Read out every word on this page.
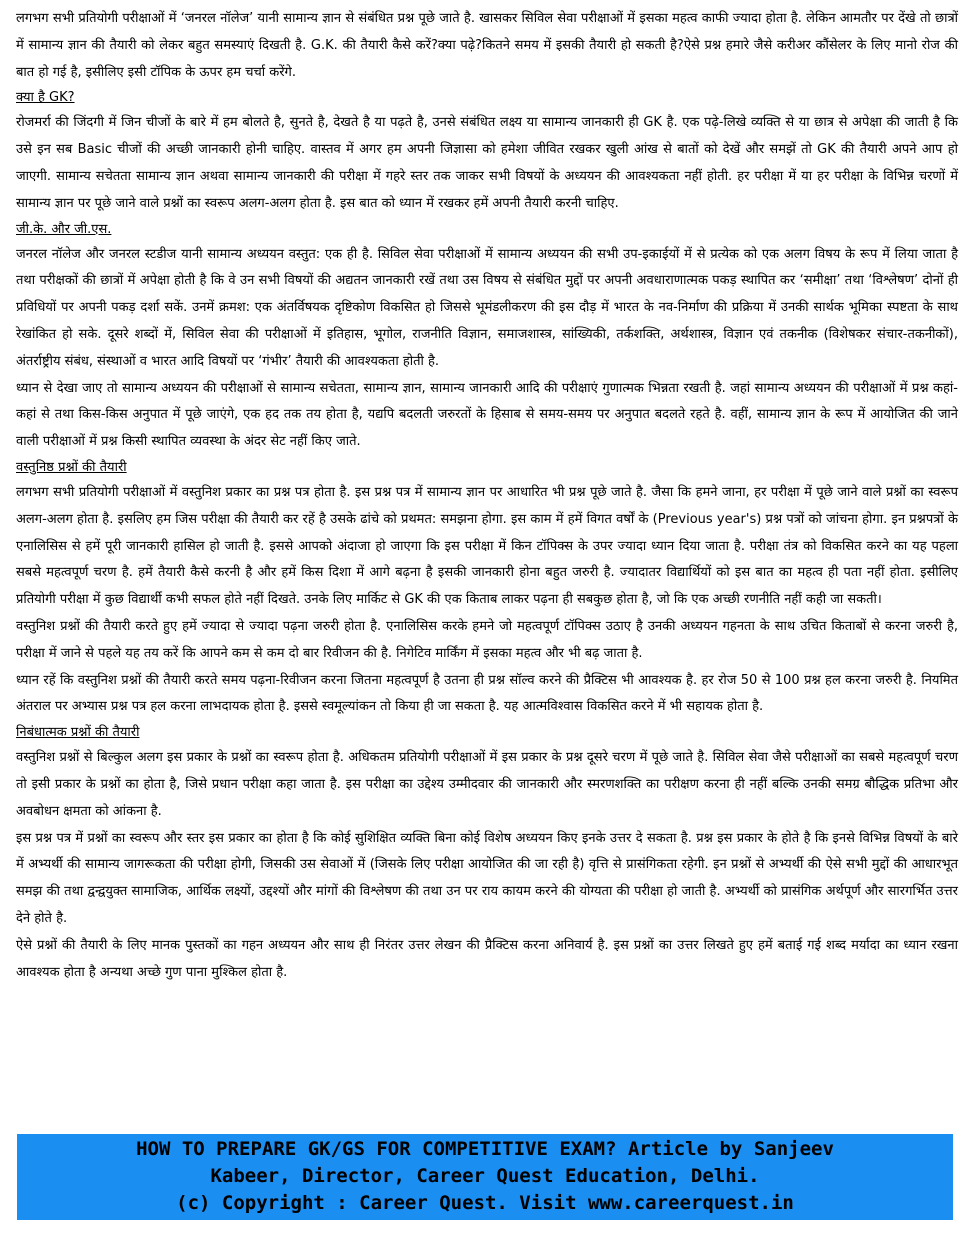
लगभग सभी प्रतियोगी परीक्षाओं में ‘जनरल नॉलेज’ यानी सामान्य ज्ञान से संबंधित प्रश्न पूछे जाते है. खासकर सिविल सेवा परीक्षाओं में इसका महत्व काफी ज्यादा होता है. लेकिन आमतौर पर देंखे तो छात्रों में सामान्य ज्ञान की तैयारी को लेकर बहुत समस्याएं दिखती है. G.K. की तैयारी कैसे करें?क्या पढ़े?कितने समय में इसकी तैयारी हो सकती है?ऐसे प्रश्न हमारे जैसे करीअर कौंसेलर के लिए मानो रोज की बात हो गई है, इसीलिए इसी टॉपिक के ऊपर हम चर्चा करेंगे.

क्या है GK?

रोजमर्रा की जिंदगी में जिन चीजों के बारे में हम बोलते है, सुनते है, देखते है या पढ़ते है, उनसे संबंधित लक्ष्य या सामान्य जानकारी ही GK है. एक पढ़े-लिखे व्यक्ति से या छात्र से अपेक्षा की जाती है कि उसे इन सब Basic चीजों की अच्छी जानकारी होनी चाहिए. वास्तव में अगर हम अपनी जिज्ञासा को हमेशा जीवित रखकर खुली आंख से बातों को देखें और समझें तो GK की तैयारी अपने आप हो जाएगी. सामान्य सचेतता सामान्य ज्ञान अथवा सामान्य जानकारी की परीक्षा में गहरे स्तर तक जाकर सभी विषयों के अध्ययन की आवश्यकता नहीं होती. हर परीक्षा में या हर परीक्षा के विभिन्न चरणों में सामान्य ज्ञान पर पूछे जाने वाले प्रश्नों का स्वरूप अलग-अलग होता है. इस बात को ध्यान में रखकर हमें अपनी तैयारी करनी चाहिए.

जी.के. और जी.एस.

जनरल नॉलेज और जनरल स्टडीज यानी सामान्य अध्ययन वस्तुत: एक ही है. सिविल सेवा परीक्षाओं में सामान्य अध्ययन की सभी उप-इकाईयों में से प्रत्येक को एक अलग विषय के रूप में लिया जाता है तथा परीक्षकों की छात्रों में अपेक्षा होती है कि वे उन सभी विषयों की अद्यतन जानकारी रखें तथा उस विषय से संबंधित मुद्दों पर अपनी अवधाराणात्मक पकड़ स्थापित कर ‘समीक्षा’ तथा ‘विश्लेषण’ दोनों ही प्रविधियों पर अपनी पकड़ दर्शा सकें. उनमें क्रमश: एक अंतर्विषयक दृष्टिकोण विकसित हो जिससे भूमंडलीकरण की इस दौड़ में भारत के नव-निर्माण की प्रक्रिया में उनकी सार्थक भूमिका स्पष्टता के साथ रेखांकित हो सके. दूसरे शब्दों में, सिविल सेवा की परीक्षाओं में इतिहास, भूगोल, राजनीति विज्ञान, समाजशास्त्र, सांख्यिकी, तर्कशक्ति, अर्थशास्त्र, विज्ञान एवं तकनीक (विशेषकर संचार-तकनीकों), अंतर्राष्ट्रीय संबंध, संस्थाओं व भारत आदि विषयों पर ‘गंभीर’ तैयारी की आवश्यकता होती है.

ध्यान से देखा जाए तो सामान्य अध्ययन की परीक्षाओं से सामान्य सचेतता, सामान्य ज्ञान, सामान्य जानकारी आदि की परीक्षाएं गुणात्मक भिन्नता रखती है. जहां सामान्य अध्ययन की परीक्षाओं में प्रश्न कहां-कहां से तथा किस-किस अनुपात में पूछे जाएंगे, एक हद तक तय होता है, यद्यपि बदलती जरुरतों के हिसाब से समय-समय पर अनुपात बदलते रहते है. वहीं, सामान्य ज्ञान के रूप में आयोजित की जाने वाली परीक्षाओं में प्रश्न किसी स्थापित व्यवस्था के अंदर सेट नहीं किए जाते.

वस्तुनिष्ठ प्रश्नों की तैयारी

लगभग सभी प्रतियोगी परीक्षाओं में वस्तुनिश प्रकार का प्रश्न पत्र होता है. इस प्रश्न पत्र में सामान्य ज्ञान पर आधारित भी प्रश्न पूछे जाते है. जैसा कि हमने जाना, हर परीक्षा में पूछे जाने वाले प्रश्नों का स्वरूप अलग-अलग होता है. इसलिए हम जिस परीक्षा की तैयारी कर रहें है उसके ढांचे को प्रथमत: समझना होगा. इस काम में हमें विगत वर्षों के (Previous year's) प्रश्न पत्रों को जांचना होगा. इन प्रश्नपत्रों के एनालिसिस से हमें पूरी जानकारी हासिल हो जाती है. इससे आपको अंदाजा हो जाएगा कि इस परीक्षा में किन टॉपिक्स के उपर ज्यादा ध्यान दिया जाता है. परीक्षा तंत्र को विकसित करने का यह पहला सबसे महत्वपूर्ण चरण है. हमें तैयारी कैसे करनी है और हमें किस दिशा में आगे बढ़ना है इसकी जानकारी होना बहुत जरुरी है. ज्यादातर विद्यार्थियों को इस बात का महत्व ही पता नहीं होता. इसीलिए प्रतियोगी परीक्षा में कुछ विद्यार्थी कभी सफल होते नहीं दिखते. उनके लिए मार्किट से GK की एक किताब लाकर पढ़ना ही सबकुछ होता है, जो कि एक अच्छी रणनीति नहीं कही जा सकती।

वस्तुनिश प्रश्नों की तैयारी करते हुए हमें ज्यादा से ज्यादा पढ़ना जरुरी होता है. एनालिसिस करके हमने जो महत्वपूर्ण टॉपिक्स उठाए है उनकी अध्ययन गहनता के साथ उचित किताबों से करना जरुरी है, परीक्षा में जाने से पहले यह तय करें कि आपने कम से कम दो बार रिवीजन की है. निगेटिव मार्किंग में इसका महत्व और भी बढ़ जाता है.

ध्यान रहें कि वस्तुनिश प्रश्नों की तैयारी करते समय पढ़ना-रिवीजन करना जितना महत्वपूर्ण है उतना ही प्रश्न सॉल्व करने की प्रैक्टिस भी आवश्यक है. हर रोज 50 से 100 प्रश्न हल करना जरुरी है. नियमित अंतराल पर अभ्यास प्रश्न पत्र हल करना लाभदायक होता है. इससे स्वमूल्यांकन तो किया ही जा सकता है. यह आत्मविश्वास विकसित करने में भी सहायक होता है.

निबंधात्मक प्रश्नों की तैयारी

वस्तुनिश प्रश्नों से बिल्कुल अलग इस प्रकार के प्रश्नों का स्वरूप होता है. अधिकतम प्रतियोगी परीक्षाओं में इस प्रकार के प्रश्न दूसरे चरण में पूछे जाते है. सिविल सेवा जैसे परीक्षाओं का सबसे महत्वपूर्ण चरण तो इसी प्रकार के प्रश्नों का होता है, जिसे प्रधान परीक्षा कहा जाता है. इस परीक्षा का उद्देश्य उम्मीदवार की जानकारी और स्मरणशक्ति का परीक्षण करना ही नहीं बल्कि उनकी समग्र बौद्धिक प्रतिभा और अवबोधन क्षमता को आंकना है.

इस प्रश्न पत्र में प्रश्नों का स्वरूप और स्तर इस प्रकार का होता है कि कोई सुशिक्षित व्यक्ति बिना कोई विशेष अध्ययन किए इनके उत्तर दे सकता है. प्रश्न इस प्रकार के होते है कि इनसे विभिन्न विषयों के बारे में अभ्यर्थी की सामान्य जागरूकता की परीक्षा होगी, जिसकी उस सेवाओं में (जिसके लिए परीक्षा आयोजित की जा रही है) वृत्ति से प्रासंगिकता रहेगी. इन प्रश्नों से अभ्यर्थी की ऐसे सभी मुद्दों की आधारभूत समझ की तथा द्वन्द्वयुक्त सामाजिक, आर्थिक लक्ष्यों, उद्दश्यों और मांगों की विश्लेषण की तथा उन पर राय कायम करने की योग्यता की परीक्षा हो जाती है. अभ्यर्थी को प्रासंगिक अर्थपूर्ण और सारगर्भित उत्तर देने होते है.

ऐसे प्रश्नों की तैयारी के लिए मानक पुस्तकों का गहन अध्ययन और साथ ही निरंतर उत्तर लेखन की प्रैक्टिस करना अनिवार्य है. इस प्रश्नों का उत्तर लिखते हुए हमें बताई गई शब्द मर्यादा का ध्यान रखना आवश्यक होता है अन्यथा अच्छे गुण पाना मुश्किल होता है.

HOW TO PREPARE GK/GS FOR COMPETITIVE EXAM? Article by Sanjeev
Kabeer, Director, Career Quest Education, Delhi.
(c) Copyright : Career Quest. Visit www.careerquest.in
